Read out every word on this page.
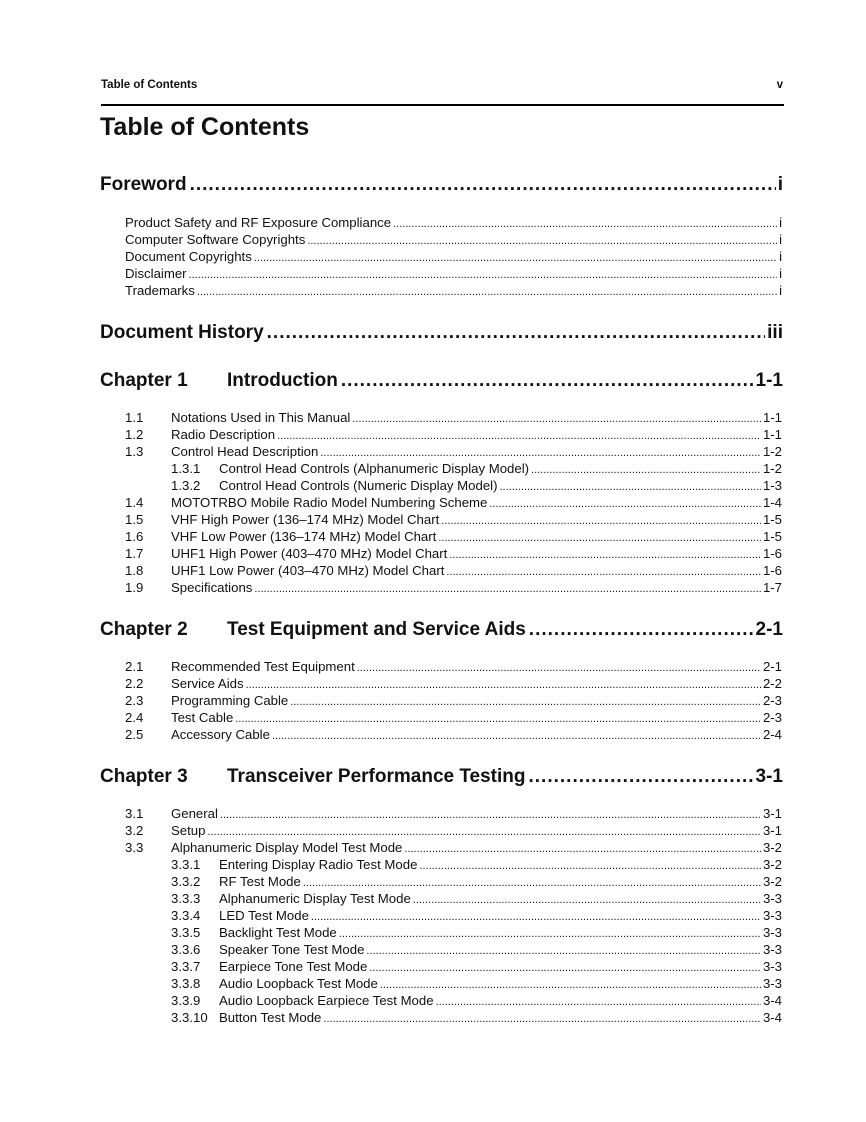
Table of Contents	v
Table of Contents
Foreword .....	i
Product Safety and RF Exposure Compliance .....	i
Computer Software Copyrights .....	i
Document Copyrights .....	i
Disclaimer .....	i
Trademarks .....	i
Document History .....	iii
Chapter 1	Introduction .....	1-1
1.1	Notations Used in This Manual .....	1-1
1.2	Radio Description .....	1-1
1.3	Control Head Description .....	1-2
1.3.1	Control Head Controls (Alphanumeric Display Model) .....	1-2
1.3.2	Control Head Controls (Numeric Display Model) .....	1-3
1.4	MOTOTRBO Mobile Radio Model Numbering Scheme .....	1-4
1.5	VHF High Power (136–174 MHz) Model Chart .....	1-5
1.6	VHF Low Power (136–174 MHz) Model Chart .....	1-5
1.7	UHF1 High Power (403–470 MHz) Model Chart .....	1-6
1.8	UHF1 Low Power (403–470 MHz) Model Chart .....	1-6
1.9	Specifications .....	1-7
Chapter 2	Test Equipment and Service Aids .....	2-1
2.1	Recommended Test Equipment .....	2-1
2.2	Service Aids .....	2-2
2.3	Programming Cable .....	2-3
2.4	Test Cable .....	2-3
2.5	Accessory Cable .....	2-4
Chapter 3	Transceiver Performance Testing .....	3-1
3.1	General .....	3-1
3.2	Setup .....	3-1
3.3	Alphanumeric Display Model Test Mode .....	3-2
3.3.1	Entering Display Radio Test Mode .....	3-2
3.3.2	RF Test Mode .....	3-2
3.3.3	Alphanumeric Display Test Mode .....	3-3
3.3.4	LED Test Mode .....	3-3
3.3.5	Backlight Test Mode .....	3-3
3.3.6	Speaker Tone Test Mode .....	3-3
3.3.7	Earpiece Tone Test Mode .....	3-3
3.3.8	Audio Loopback Test Mode .....	3-3
3.3.9	Audio Loopback Earpiece Test Mode .....	3-4
3.3.10 Button Test Mode .....	3-4
